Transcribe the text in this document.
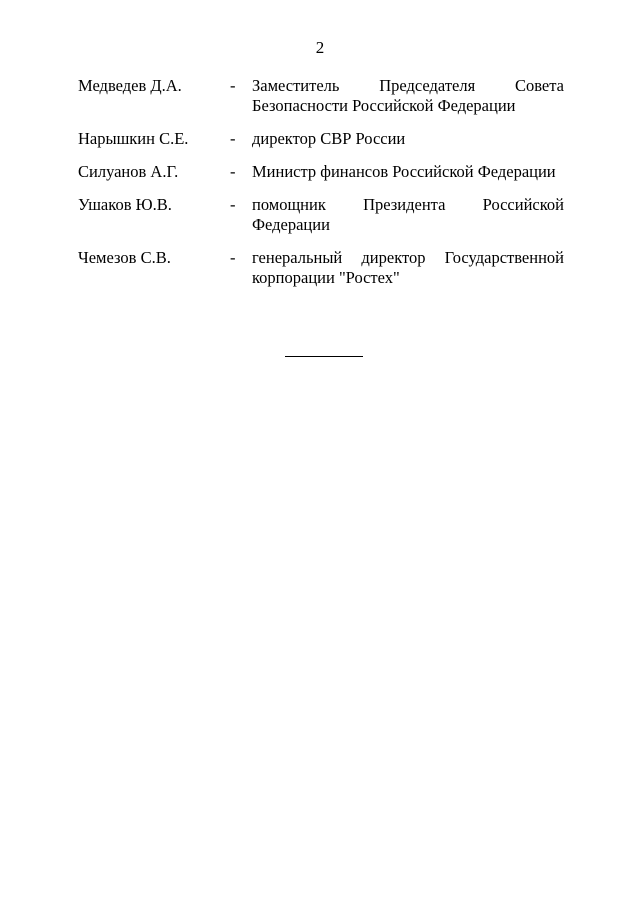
2
Медведев Д.А.	-	Заместитель Председателя Совета Безопасности Российской Федерации
Нарышкин С.Е.	-	директор СВР России
Силуанов А.Г.	-	Министр финансов Российской Федерации
Ушаков Ю.В.	-	помощник Президента Российской Федерации
Чемезов С.В.	-	генеральный директор Государственной корпорации "Ростех"
